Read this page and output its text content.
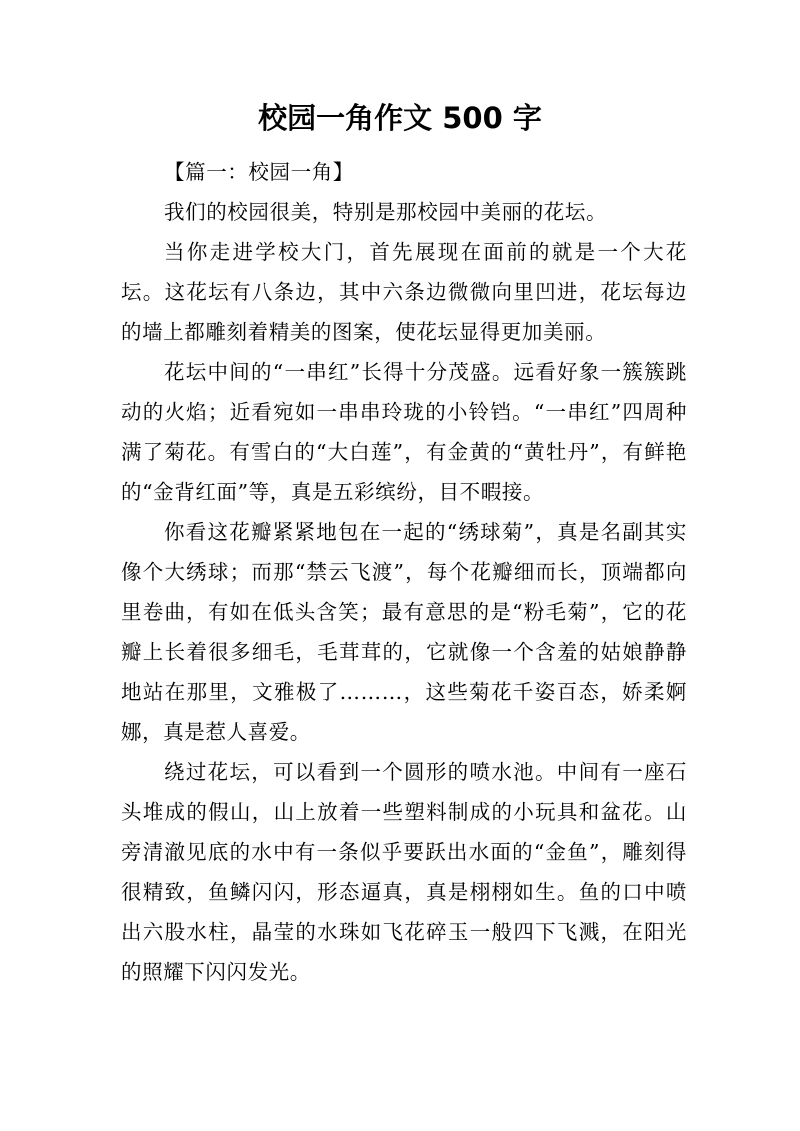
校园一角作文 500 字

【篇一：校园一角】

我们的校园很美，特别是那校园中美丽的花坛。

当你走进学校大门，首先展现在面前的就是一个大花坛。这花坛有八条边，其中六条边微微向里凹进，花坛每边的墙上都雕刻着精美的图案，使花坛显得更加美丽。

花坛中间的“一串红”长得十分茂盛。远看好象一簇簇跳动的火焰；近看宛如一串串玲珑的小铃铛。“一串红”四周种满了菊花。有雪白的“大白莲”，有金黄的“黄牡丹”，有鲜艳的“金背红面”等，真是五彩缤纷，目不暇接。

你看这花瓣紧紧地包在一起的“绣球菊”，真是名副其实像个大绣球；而那“禁云飞渡”，每个花瓣细而长，顶端都向里卷曲，有如在低头含笑；最有意思的是“粉毛菊”，它的花瓣上长着很多细毛，毛茸茸的，它就像一个含羞的姑娘静静地站在那里，文雅极了………，这些菊花千姿百态，娇柔婀娜，真是惹人喜爱。

绕过花坛，可以看到一个圆形的喷水池。中间有一座石头堆成的假山，山上放着一些塑料制成的小玩具和盆花。山旁清澈见底的水中有一条似乎要跃出水面的“金鱼”，雕刻得很精致，鱼鳞闪闪，形态逼真，真是栩栩如生。鱼的口中喷出六股水柱，晶莹的水珠如飞花碎玉一般四下飞溅，在阳光的照耀下闪闪发光。
